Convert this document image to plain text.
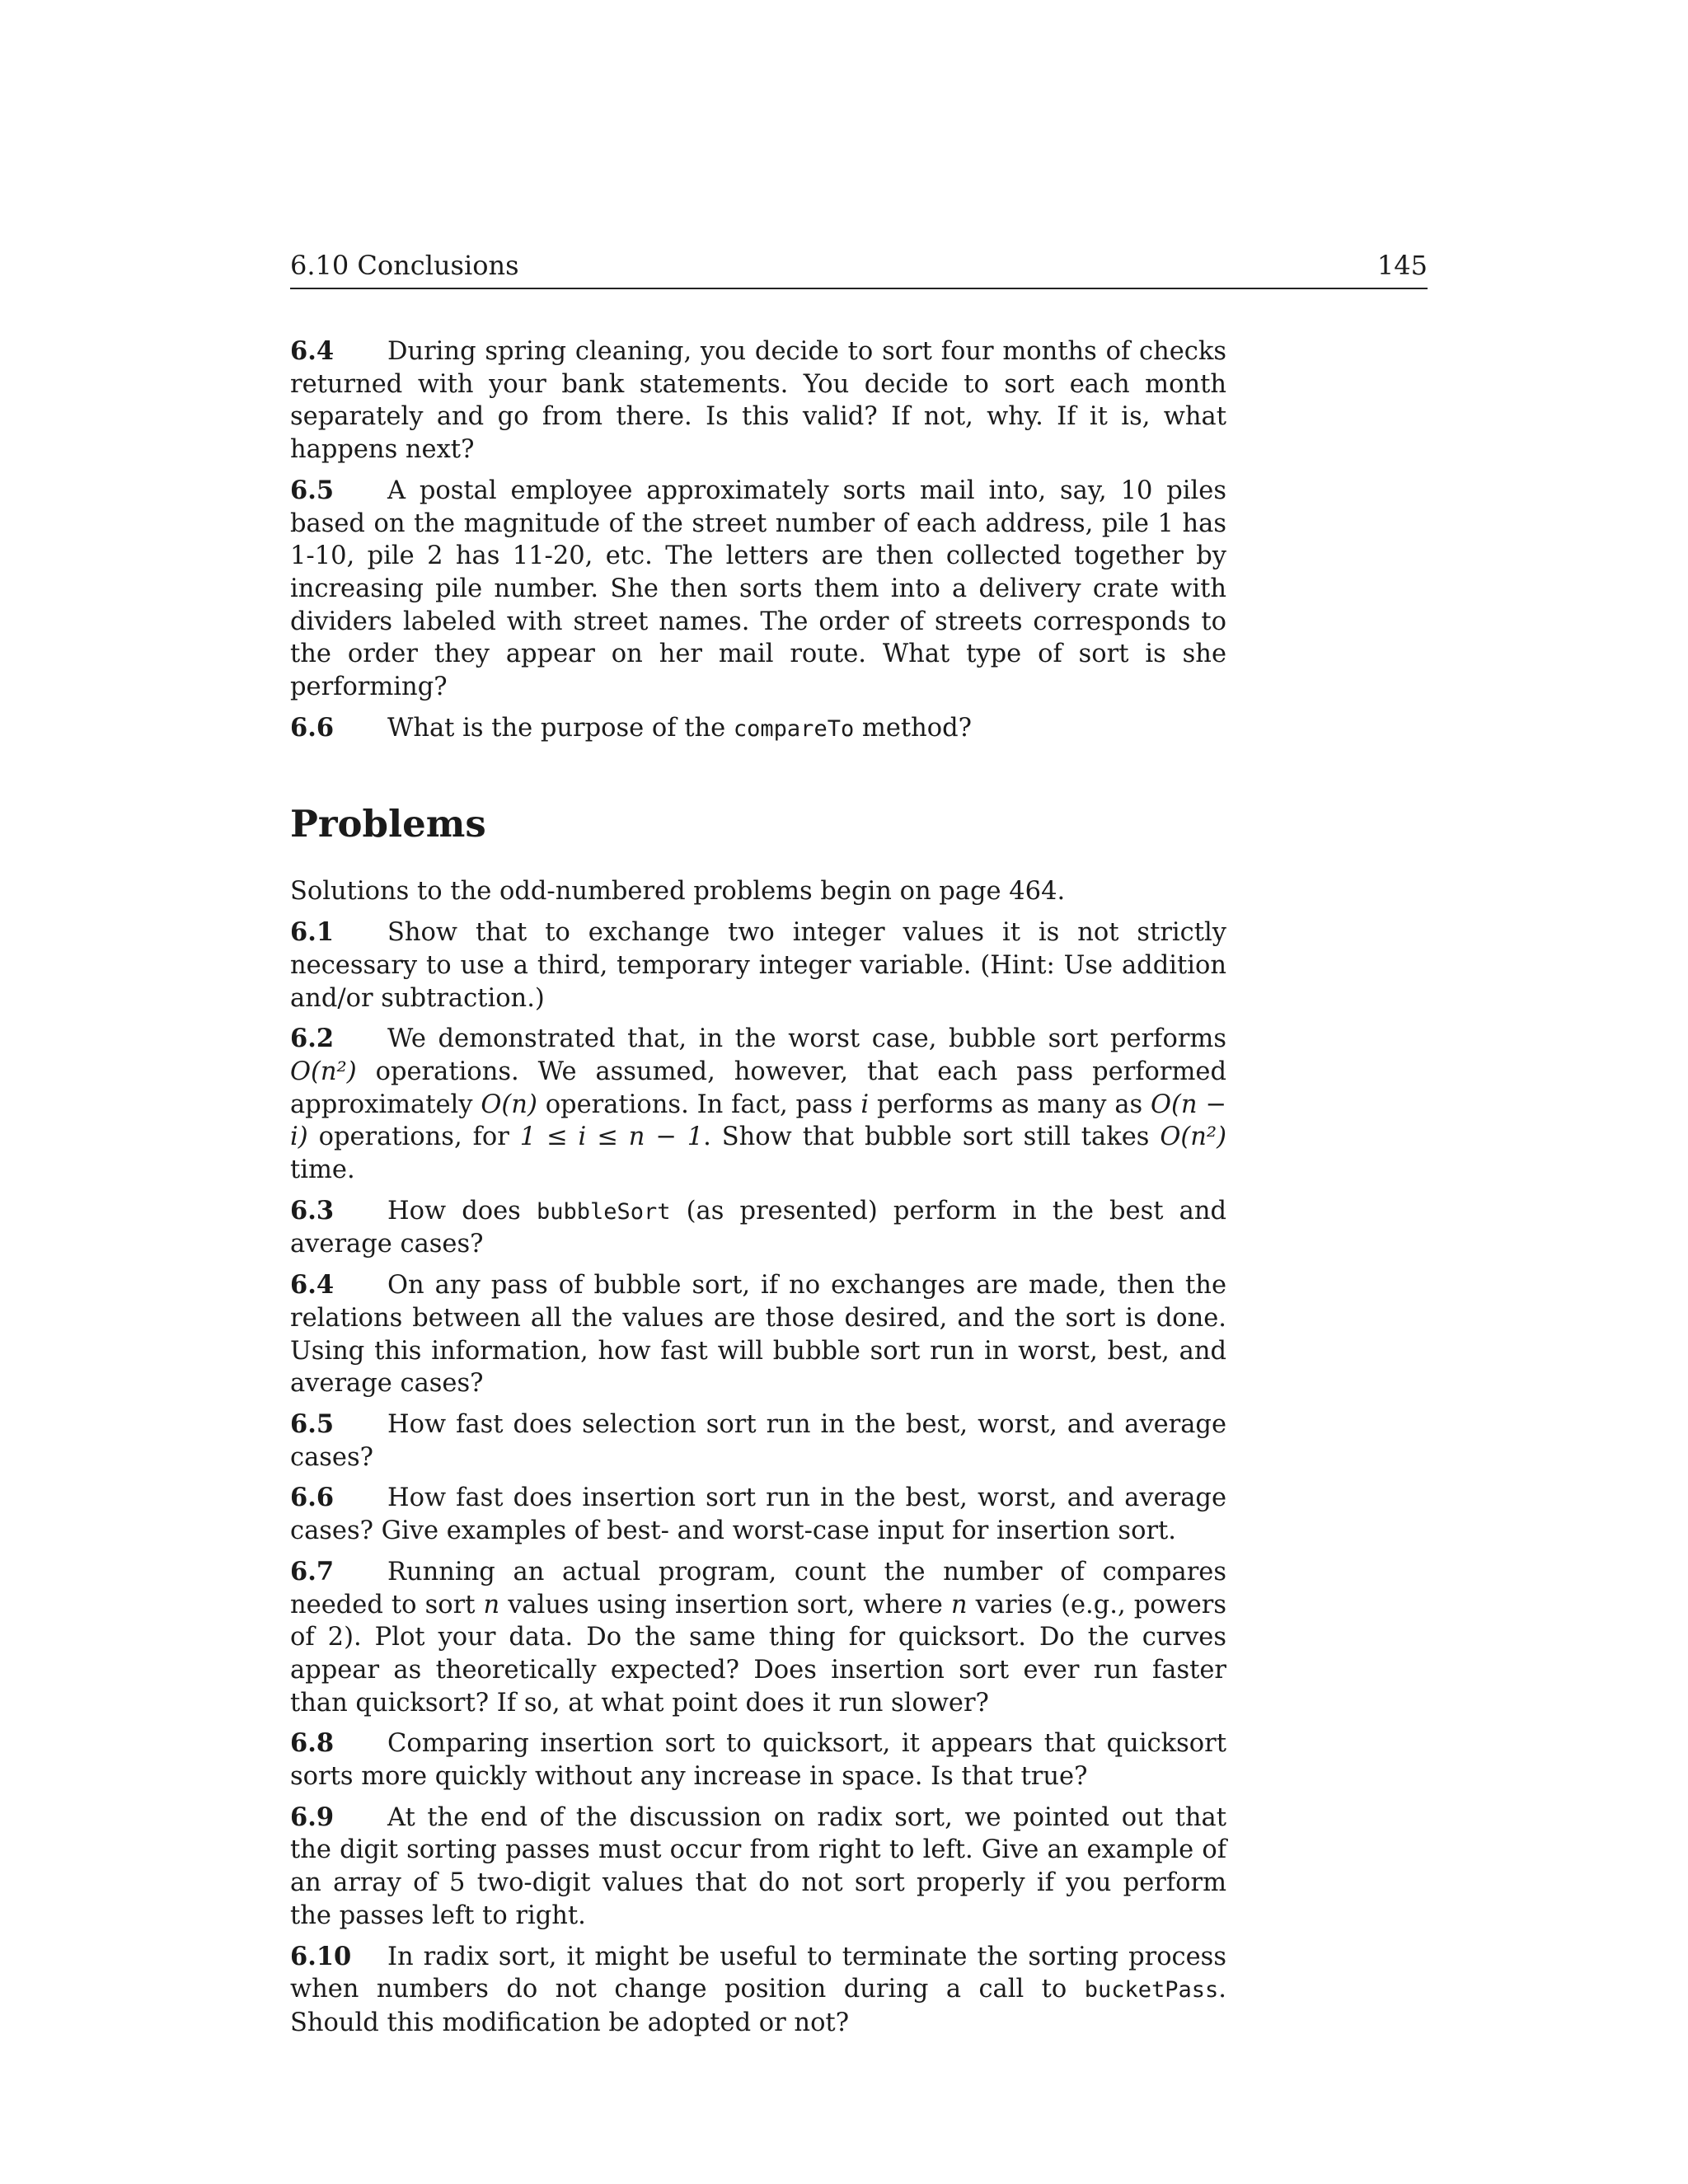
6.10 Conclusions	145

6.4 During spring cleaning, you decide to sort four months of checks returned with your bank statements. You decide to sort each month separately and go from there. Is this valid? If not, why. If it is, what happens next?

6.5 A postal employee approximately sorts mail into, say, 10 piles based on the magnitude of the street number of each address, pile 1 has 1-10, pile 2 has 11-20, etc. The letters are then collected together by increasing pile number. She then sorts them into a delivery crate with dividers labeled with street names. The order of streets corresponds to the order they appear on her mail route. What type of sort is she performing?

6.6 What is the purpose of the compareTo method?

Problems

Solutions to the odd-numbered problems begin on page 464.

6.1 Show that to exchange two integer values it is not strictly necessary to use a third, temporary integer variable. (Hint: Use addition and/or subtraction.)

6.2 We demonstrated that, in the worst case, bubble sort performs O(n²) operations. We assumed, however, that each pass performed approximately O(n) operations. In fact, pass i performs as many as O(n − i) operations, for 1 ≤ i ≤ n − 1. Show that bubble sort still takes O(n²) time.

6.3 How does bubbleSort (as presented) perform in the best and average cases?

6.4 On any pass of bubble sort, if no exchanges are made, then the relations between all the values are those desired, and the sort is done. Using this information, how fast will bubble sort run in worst, best, and average cases?

6.5 How fast does selection sort run in the best, worst, and average cases?

6.6 How fast does insertion sort run in the best, worst, and average cases? Give examples of best- and worst-case input for insertion sort.

6.7 Running an actual program, count the number of compares needed to sort n values using insertion sort, where n varies (e.g., powers of 2). Plot your data. Do the same thing for quicksort. Do the curves appear as theoretically expected? Does insertion sort ever run faster than quicksort? If so, at what point does it run slower?

6.8 Comparing insertion sort to quicksort, it appears that quicksort sorts more quickly without any increase in space. Is that true?

6.9 At the end of the discussion on radix sort, we pointed out that the digit sorting passes must occur from right to left. Give an example of an array of 5 two-digit values that do not sort properly if you perform the passes left to right.

6.10 In radix sort, it might be useful to terminate the sorting process when numbers do not change position during a call to bucketPass. Should this modification be adopted or not?
